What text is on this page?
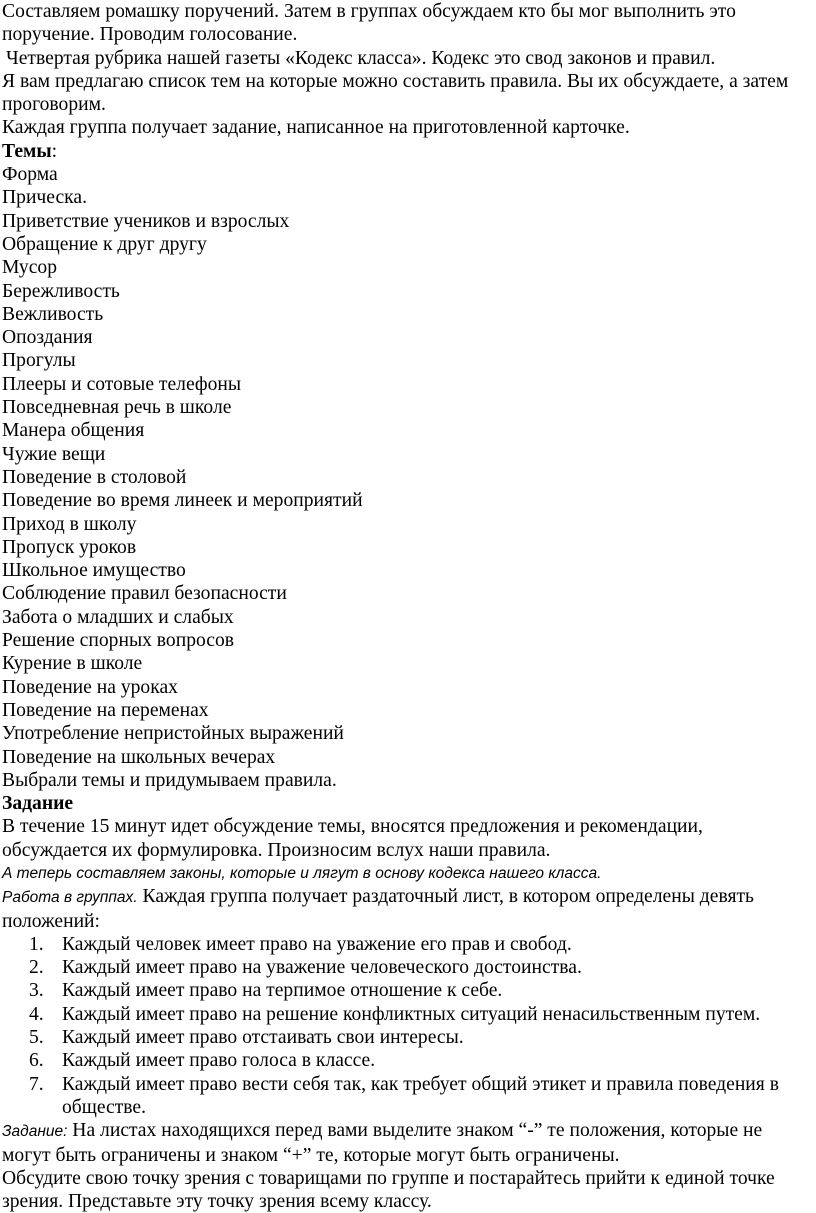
Составляем ромашку поручений. Затем в группах обсуждаем кто бы мог выполнить это поручение. Проводим голосование.

Четвертая рубрика нашей газеты «Кодекс класса». Кодекс это свод законов и правил.

Я вам предлагаю список тем на которые можно составить правила. Вы их обсуждаете, а затем проговорим.

Каждая группа получает задание, написанное на приготовленной карточке.

Темы:

Форма

Прическа.

Приветствие учеников и взрослых

Обращение к друг другу

Мусор

Бережливость

Вежливость

Опоздания

Прогулы

Плееры и сотовые телефоны

Повседневная речь в школе

Манера общения

Чужие вещи

Поведение в столовой

Поведение во время линеек и мероприятий

Приход в школу

Пропуск уроков

Школьное имущество

Соблюдение правил безопасности

Забота о младших и слабых

Решение спорных вопросов

Курение в школе

Поведение на уроках

Поведение на переменах

Употребление непристойных выражений

Поведение на школьных вечерах

Выбрали темы и придумываем правила.

Задание

В течение 15 минут идет обсуждение темы, вносятся предложения и рекомендации, обсуждается их формулировка. Произносим вслух наши правила.

А теперь составляем законы, которые и лягут в основу кодекса нашего класса.

Работа в группах. Каждая группа получает раздаточный лист, в котором определены девять положений:

1. Каждый человек имеет право на уважение его прав и свобод.
2. Каждый имеет право на уважение человеческого достоинства.
3. Каждый имеет право на терпимое отношение к себе.
4. Каждый имеет право на решение конфликтных ситуаций ненасильственным путем.
5. Каждый имеет право отстаивать свои интересы.
6. Каждый имеет право голоса в классе.
7. Каждый имеет право вести себя так, как требует общий этикет и правила поведения в обществе.

Задание: На листах находящихся перед вами выделите знаком “-” те положения, которые не могут быть ограничены и знаком “+” те, которые могут быть ограничены.

Обсудите свою точку зрения с товарищами по группе и постарайтесь прийти к единой точке зрения. Представьте эту точку зрения всему классу.
